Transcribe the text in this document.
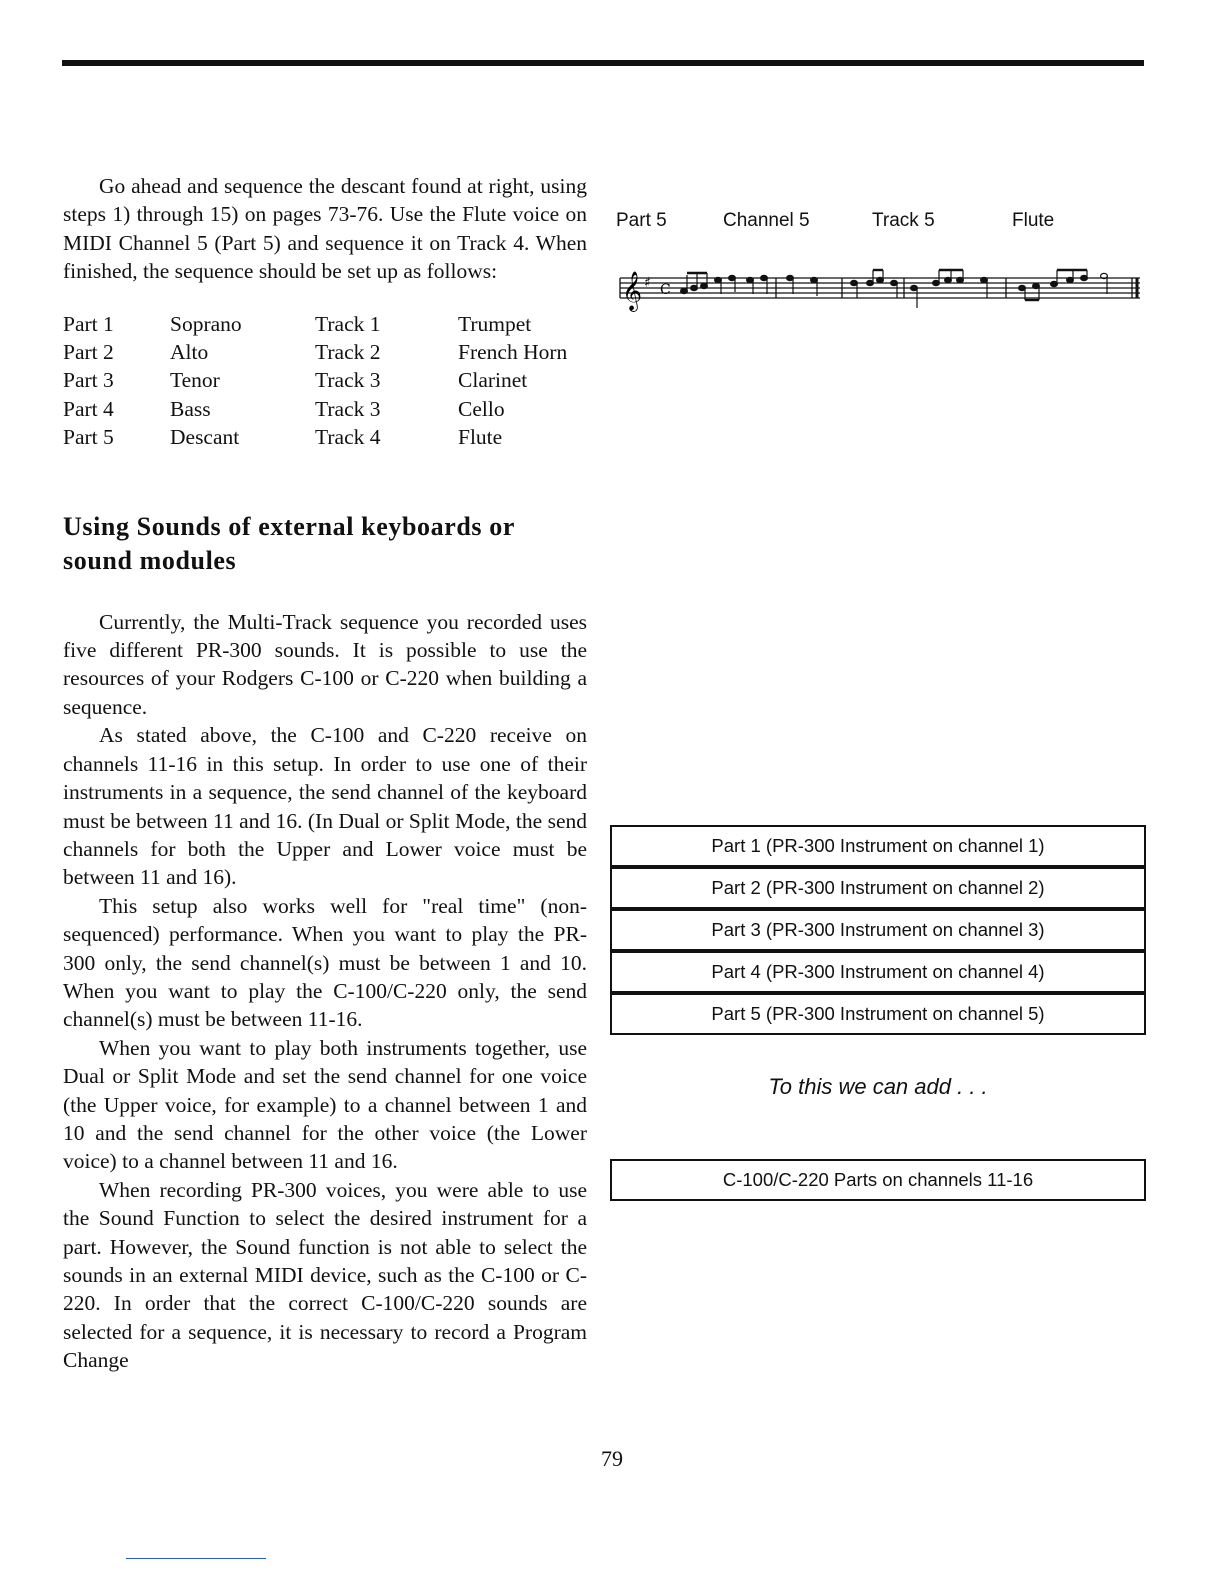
Go ahead and sequence the descant found at right, using steps 1) through 15) on pages 73-76. Use the Flute voice on MIDI Channel 5 (Part 5) and sequence it on Track 4. When finished, the sequence should be set up as follows:

Part 1	Soprano	Track 1	Trumpet
Part 2	Alto	Track 2	French Horn
Part 3	Tenor	Track 3	Clarinet
Part 4	Bass	Track 3	Cello
Part 5	Descant	Track 4	Flute
Using Sounds of external keyboards or sound modules

Currently, the Multi-Track sequence you recorded uses five different PR-300 sounds. It is possible to use the resources of your Rodgers C-100 or C-220 when building a sequence.

As stated above, the C-100 and C-220 receive on channels 11-16 in this setup. In order to use one of their instruments in a sequence, the send channel of the keyboard must be between 11 and 16. (In Dual or Split Mode, the send channels for both the Upper and Lower voice must be between 11 and 16).

This setup also works well for "real time" (non-sequenced) performance. When you want to play the PR-300 only, the send channel(s) must be between 1 and 10. When you want to play the C-100/C-220 only, the send channel(s) must be between 11-16.

When you want to play both instruments together, use Dual or Split Mode and set the send channel for one voice (the Upper voice, for example) to a channel between 1 and 10 and the send channel for the other voice (the Lower voice) to a channel between 11 and 16.

When recording PR-300 voices, you were able to use the Sound Function to select the desired instrument for a part. However, the Sound function is not able to select the sounds in an external MIDI device, such as the C-100 or C-220. In order that the correct C-100/C-220 sounds are selected for a sequence, it is necessary to record a Program Change

Part 5	Channel 5	Track 5	Flute
𝄞 ♯ C
Part 1 (PR-300 Instrument on channel 1)
Part 2 (PR-300 Instrument on channel 2)
Part 3 (PR-300 Instrument on channel 3)
Part 4 (PR-300 Instrument on channel 4)
Part 5 (PR-300 Instrument on channel 5)
To this we can add . . .
C-100/C-220 Parts on channels 11-16
79
